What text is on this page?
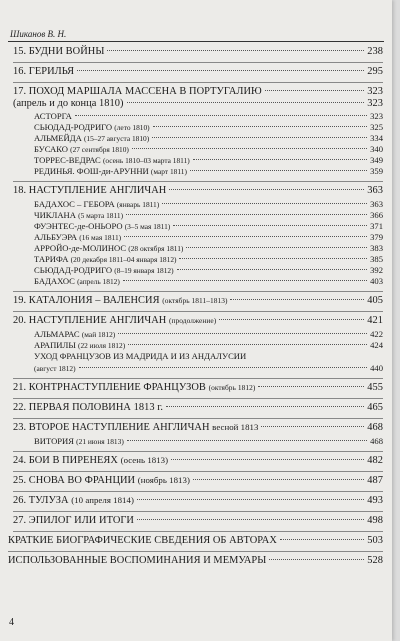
Шиканов В. Н.
15. БУДНИ ВОЙНЫ	238
16. ГЕРИЛЬЯ	295
17. ПОХОД МАРШАЛА МАССЕНА В ПОРТУГАЛИЮ	323
(апрель и до конца 1810)	323
АСТОРГА	323
СЬЮДАД-РОДРИГО (лето 1810)	325
АЛЬМЕЙДА (15–27 августа 1810)	334
БУСАКО (27 сентября 1810)	340
ТОРРЕС-ВЕДРАС (осень 1810–03 марта 1811)	349
РЕДИНЬЯ. ФОШ-ди-АРУННИ (март 1811)	359
18. НАСТУПЛЕНИЕ АНГЛИЧАН	363
БАДАХОС – ГЕБОРА (январь 1811)	363
ЧИКЛАНА (5 марта 1811)	366
ФУЭНТЕС-де-ОНЬОРО (3–5 мая 1811)	371
АЛЬБУЭРА (16 мая 1811)	379
АРРОЙО-де-МОЛИНОС (28 октября 1811)	383
ТАРИФА (20 декабря 1811–04 января 1812)	385
СЬЮДАД-РОДРИГО (8–19 января 1812)	392
БАДАХОС (апрель 1812)	403
19. КАТАЛОНИЯ – ВАЛЕНСИЯ (октябрь 1811–1813)	405
20. НАСТУПЛЕНИЕ АНГЛИЧАН (продолжение)	421
АЛЬМАРАС (май 1812)	422
АРАПИЛЫ (22 июля 1812)	424
УХОД ФРАНЦУЗОВ ИЗ МАДРИДА И ИЗ АНДАЛУСИИ
(август 1812)	440
21. КОНТРНАСТУПЛЕНИЕ ФРАНЦУЗОВ (октябрь 1812)	455
22. ПЕРВАЯ ПОЛОВИНА 1813 г.	465
23. ВТОРОЕ НАСТУПЛЕНИЕ АНГЛИЧАН весной 1813	468
ВИТОРИЯ (21 июня 1813)	468
24. БОИ В ПИРЕНЕЯХ (осень 1813)	482
25. СНОВА ВО ФРАНЦИИ (ноябрь 1813)	487
26. ТУЛУЗА (10 апреля 1814)	493
27. ЭПИЛОГ ИЛИ ИТОГИ	498
КРАТКИЕ БИОГРАФИЧЕСКИЕ СВЕДЕНИЯ ОБ АВТОРАХ	503
ИСПОЛЬЗОВАННЫЕ ВОСПОМИНАНИЯ И МЕМУАРЫ	528
4
